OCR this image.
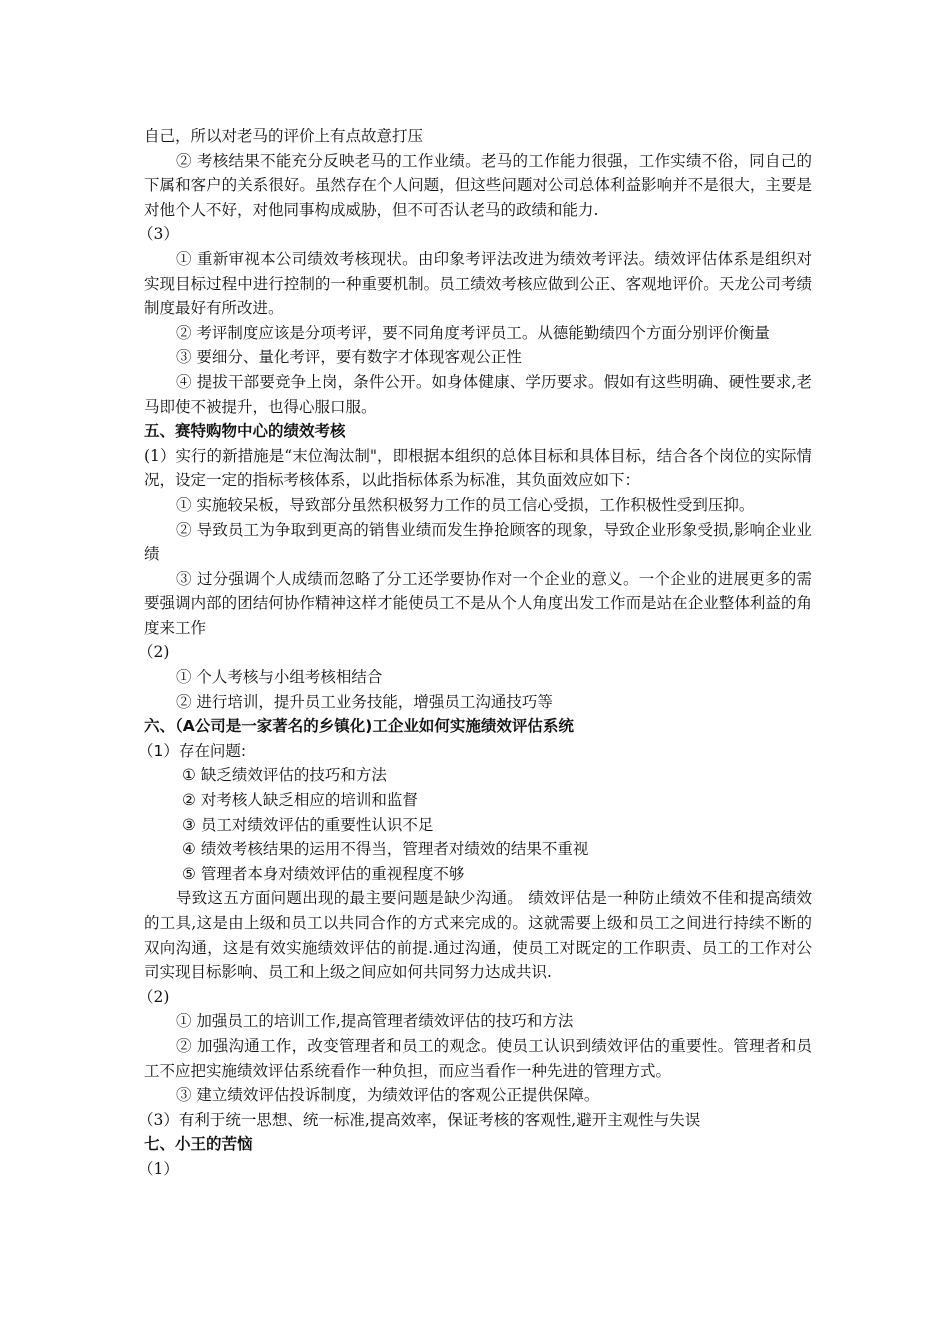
自己，所以对老马的评价上有点故意打压

② 考核结果不能充分反映老马的工作业绩。老马的工作能力很强，工作实绩不俗，同自己的下属和客户的关系很好。虽然存在个人问题，但这些问题对公司总体利益影响并不是很大，主要是对他个人不好，对他同事构成威胁，但不可否认老马的政绩和能力.

（3）

① 重新审视本公司绩效考核现状。由印象考评法改进为绩效考评法。绩效评估体系是组织对实现目标过程中进行控制的一种重要机制。员工绩效考核应做到公正、客观地评价。天龙公司考绩制度最好有所改进。

② 考评制度应该是分项考评，要不同角度考评员工。从德能勤绩四个方面分别评价衡量

③ 要细分、量化考评，要有数字才体现客观公正性

④ 提拔干部要竞争上岗，条件公开。如身体健康、学历要求。假如有这些明确、硬性要求,老马即使不被提升，也得心服口服。

五、赛特购物中心的绩效考核

(1）实行的新措施是“末位淘汰制"，即根据本组织的总体目标和具体目标，结合各个岗位的实际情况，设定一定的指标考核体系，以此指标体系为标准，其负面效应如下：

① 实施较呆板，导致部分虽然积极努力工作的员工信心受损，工作积极性受到压抑。

② 导致员工为争取到更高的销售业绩而发生挣抢顾客的现象，导致企业形象受损,影响企业业绩

③ 过分强调个人成绩而忽略了分工还学要协作对一个企业的意义。一个企业的进展更多的需要强调内部的团结何协作精神这样才能使员工不是从个人角度出发工作而是站在企业整体利益的角度来工作

（2)

① 个人考核与小组考核相结合

② 进行培训，提升员工业务技能，增强员工沟通技巧等

六、（A公司是一家著名的乡镇化)工企业如何实施绩效评估系统

（1）存在问题:

① 缺乏绩效评估的技巧和方法

② 对考核人缺乏相应的培训和监督

③ 员工对绩效评估的重要性认识不足

④ 绩效考核结果的运用不得当，管理者对绩效的结果不重视

⑤ 管理者本身对绩效评估的重视程度不够

导致这五方面问题出现的最主要问题是缺少沟通。 绩效评估是一种防止绩效不佳和提高绩效的工具,这是由上级和员工以共同合作的方式来完成的。这就需要上级和员工之间进行持续不断的双向沟通，这是有效实施绩效评估的前提.通过沟通，使员工对既定的工作职责、员工的工作对公司实现目标影响、员工和上级之间应如何共同努力达成共识.

（2)

① 加强员工的培训工作,提高管理者绩效评估的技巧和方法

② 加强沟通工作，改变管理者和员工的观念。使员工认识到绩效评估的重要性。管理者和员工不应把实施绩效评估系统看作一种负担，而应当看作一种先进的管理方式。

③ 建立绩效评估投诉制度，为绩效评估的客观公正提供保障。

（3）有利于统一思想、统一标准,提高效率，保证考核的客观性,避开主观性与失误

七、小王的苦恼

（1）
